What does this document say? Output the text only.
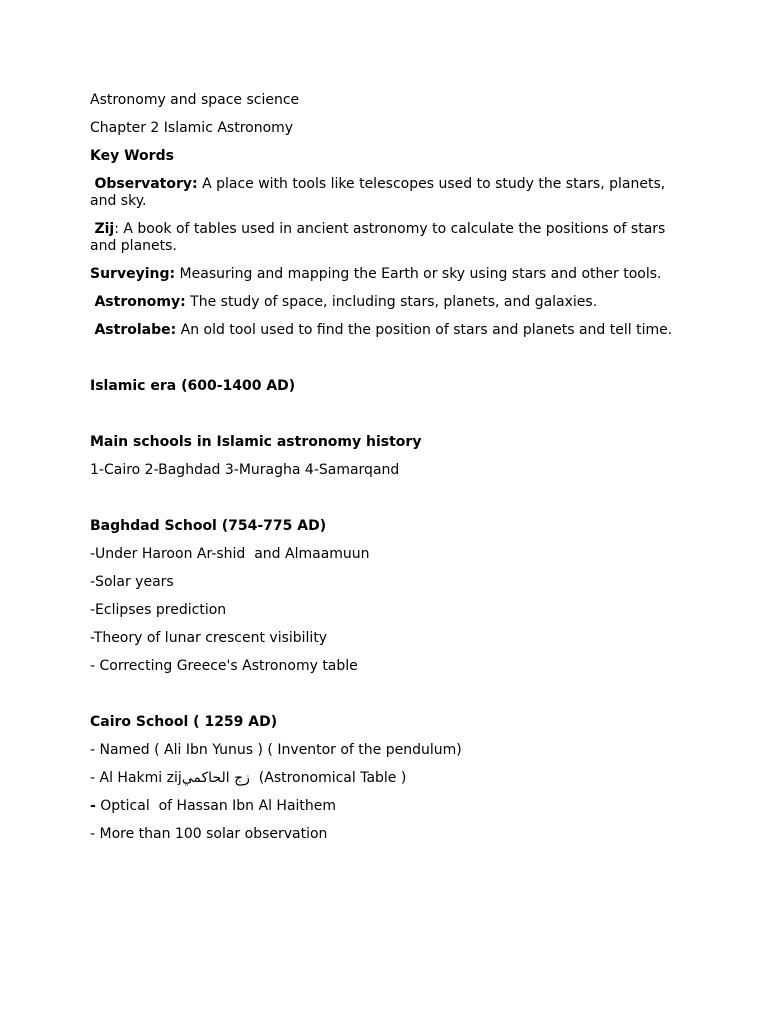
Astronomy and space science
Chapter 2 Islamic Astronomy
Key Words
Observatory: A place with tools like telescopes used to study the stars, planets, and sky.
Zij: A book of tables used in ancient astronomy to calculate the positions of stars and planets.
Surveying: Measuring and mapping the Earth or sky using stars and other tools.
Astronomy: The study of space, including stars, planets, and galaxies.
Astrolabe: An old tool used to find the position of stars and planets and tell time.
Islamic era (600-1400 AD)
Main schools in Islamic astronomy history
1-Cairo 2-Baghdad 3-Muragha 4-Samarqand
Baghdad School (754-775 AD)
-Under Haroon Ar-shid  and Almaamuun
-Solar years
-Eclipses prediction
-Theory of lunar crescent visibility
- Correcting Greece's Astronomy table
Cairo School ( 1259 AD)
- Named ( Ali Ibn Yunus ) ( Inventor of the pendulum)
- Al Hakmi zijزج الحاكمي  (Astronomical Table )
- Optical  of Hassan Ibn Al Haithem
- More than 100 solar observation
